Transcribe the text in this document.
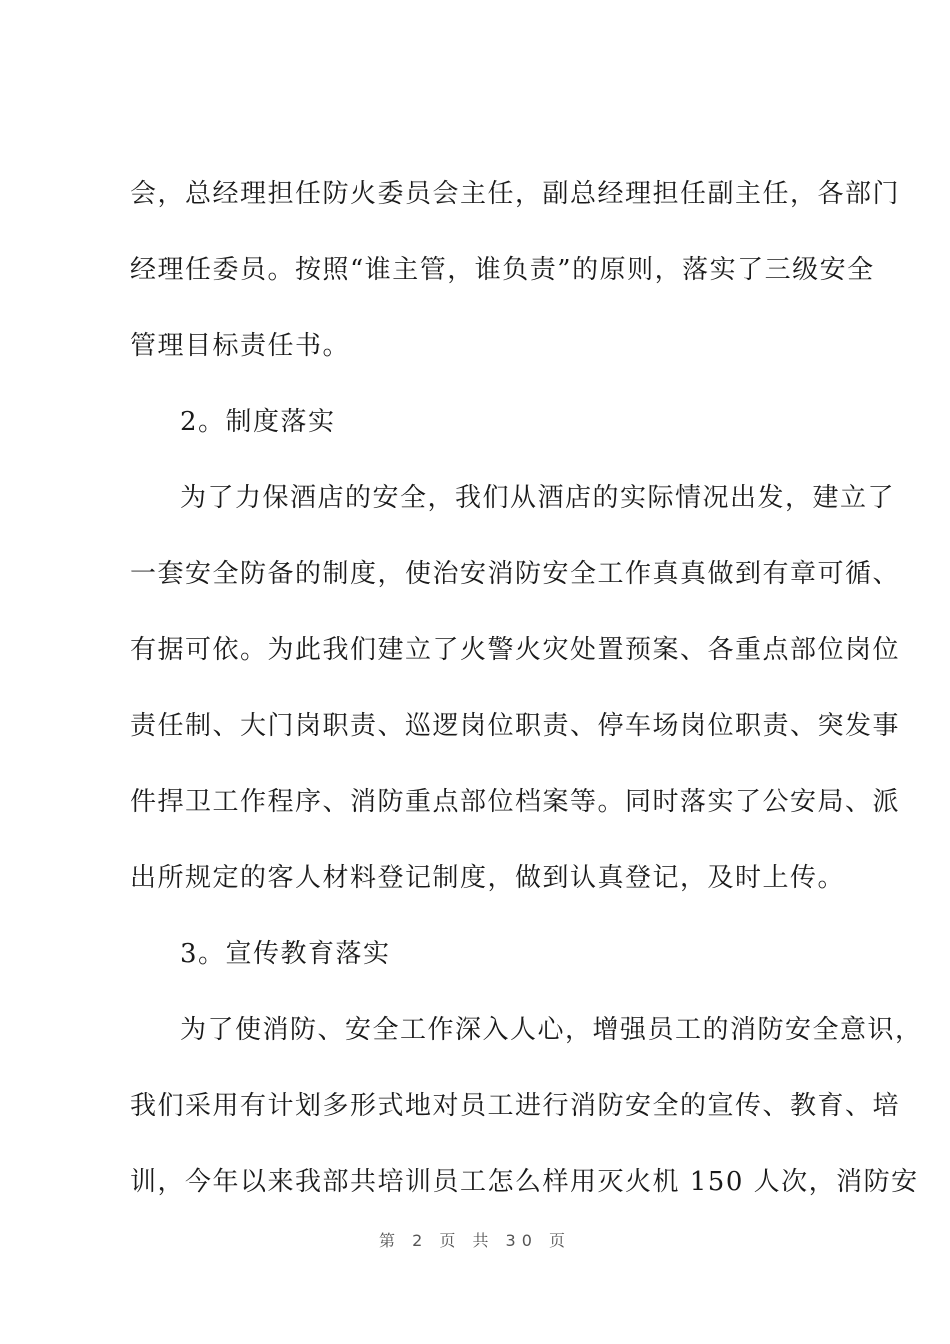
会，总经理担任防火委员会主任，副总经理担任副主任，各部门
经理任委员。按照“谁主管，谁负责”的原则，落实了三级安全
管理目标责任书。
2。制度落实
为了力保酒店的安全，我们从酒店的实际情况出发，建立了
一套安全防备的制度，使治安消防安全工作真真做到有章可循、
有据可依。为此我们建立了火警火灾处置预案、各重点部位岗位
责任制、大门岗职责、巡逻岗位职责、停车场岗位职责、突发事
件捍卫工作程序、消防重点部位档案等。同时落实了公安局、派
出所规定的客人材料登记制度，做到认真登记，及时上传。
3。宣传教育落实
为了使消防、安全工作深入人心，增强员工的消防安全意识，
我们采用有计划多形式地对员工进行消防安全的宣传、教育、培
训，今年以来我部共培训员工怎么样用灭火机 150 人次，消防安
第 2 页 共 30 页
